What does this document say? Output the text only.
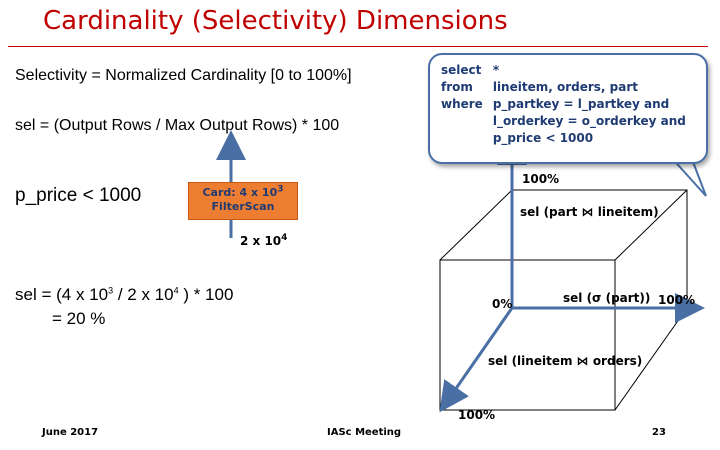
Cardinality (Selectivity) Dimensions
Selectivity = Normalized Cardinality [0 to 100%]
sel = (Output Rows / Max Output Rows) * 100
p_price < 1000	Card: 4 x $10^3$
FilterScan
2 x $10^4$
sel = (4 x $10^3 / 2$ x $10^4$ ) * 100
= 20 %
select	*
from	lineitem, orders, part
where	p_partkey = l_partkey and
	l_orderkey = o_orderkey and
	p_price < 1000
100%
sel (part ⋈ lineitem)
0%	sel (σ (part)) 100%
sel (lineitem ⋈ orders)
100%
June 2017	IASc Meeting	23
